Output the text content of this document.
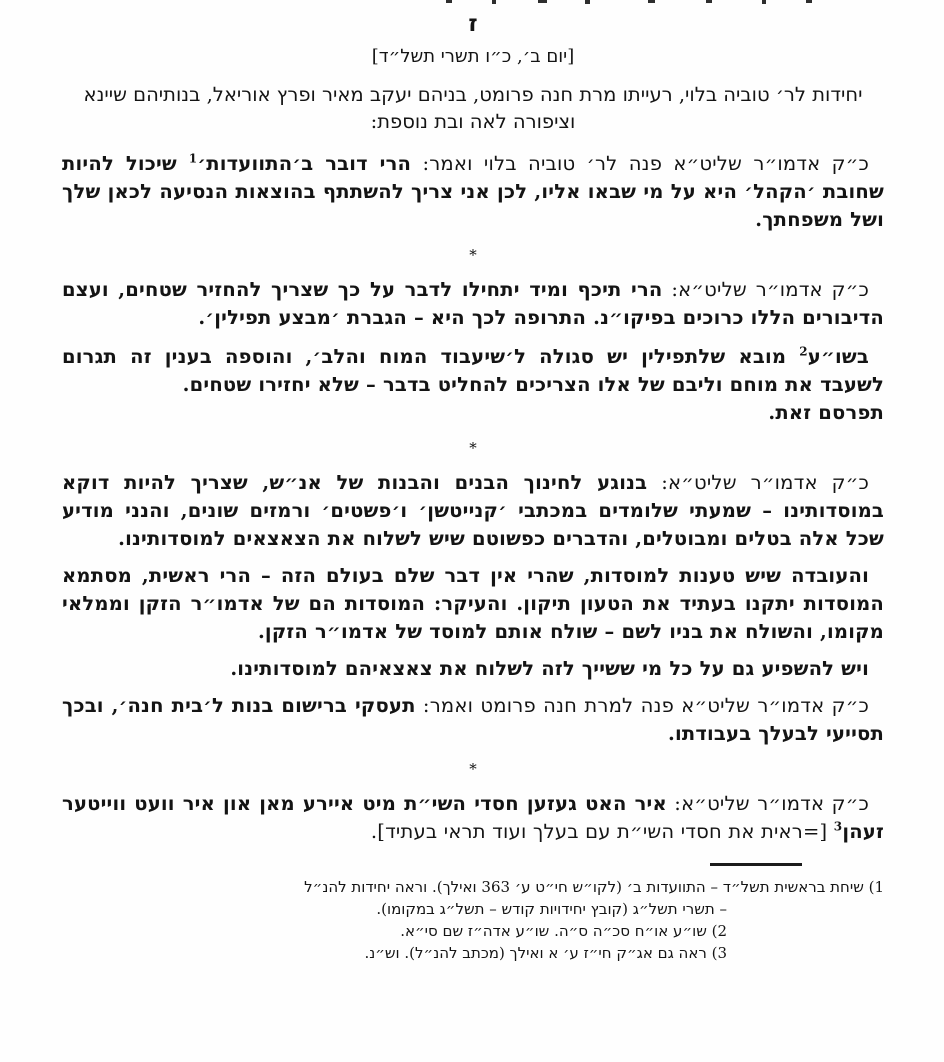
ז
[יום ב׳, כ״ו תשרי תשל״ד]
יחידות לר׳ טוביה בלוי, רעייתו מרת חנה פרומט, בניהם יעקב מאיר ופרץ אוריאל, בנותיהם שיינא וציפורה לאה ובת נוספת:

כ״ק אדמו״ר שליט״א פנה לר׳ טוביה בלוי ואמר: הרי דובר ב׳התוועדות׳$^1$ שיכול להיות שחובת ׳הקהל׳ היא על מי שבאו אליו, לכן אני צריך להשתתף בהוצאות הנסיעה לכאן שלך ושל משפחתך.

*

כ״ק אדמו״ר שליט״א: הרי תיכף ומיד יתחילו לדבר על כך שצריך להחזיר שטחים, ועצם הדיבורים הללו כרוכים בפיקו״נ. התרופה לכך היא – הגברת ׳מבצע תפילין׳.

בשו״ע$^2$ מובא שלתפילין יש סגולה ל׳שיעבוד המוח והלב׳, והוספה בענין זה תגרום לשעבד את מוחם וליבם של אלו הצריכים להחליט בדבר – שלא יחזירו שטחים.
תפרסם זאת.

*

כ״ק אדמו״ר שליט״א: בנוגע לחינוך הבנים והבנות של אנ״ש, שצריך להיות דוקא במוסדותינו – שמעתי שלומדים במכתבי ׳קנייטשן׳ ו׳פשטים׳ ורמזים שונים, והנני מודיע שכל אלה בטלים ומבוטלים, והדברים כפשוטם שיש לשלוח את הצאצאים למוסדותינו.

והעובדה שיש טענות למוסדות, שהרי אין דבר שלם בעולם הזה – הרי ראשית, מסתמא המוסדות יתקנו בעתיד את הטעון תיקון. והעיקר: המוסדות הם של אדמו״ר הזקן וממלאי מקומו, והשולח את בניו לשם – שולח אותם למוסד של אדמו״ר הזקן.

ויש להשפיע גם על כל מי ששייך לזה לשלוח את צאצאיהם למוסדותינו.

כ״ק אדמו״ר שליט״א פנה למרת חנה פרומט ואמר: תעסקי ברישום בנות ל׳בית חנה׳, ובכך תסייעי לבעלך בעבודתו.

*

כ״ק אדמו״ר שליט״א: איר האט געזען חסדי השי״ת מיט איירע מאן און איר וועט ווייטער זעהן$^3$ [=ראית את חסדי השי״ת עם בעלך ועוד תראי בעתיד].

1) שיחת בראשית תשל״ד – התוועדות ב׳ (לקו״ש חי״ט ע׳ 363 ואילך). וראה יחידות להנ״ל

– תשרי תשל״ג (קובץ יחידויות קודש – תשל״ג במקומו).

2) שו״ע או״ח סכ״ה ס״ה. שו״ע אדה״ז שם סי״א.

3) ראה גם אג״ק חי״ז ע׳ א ואילך (מכתב להנ״ל). וש״נ.
